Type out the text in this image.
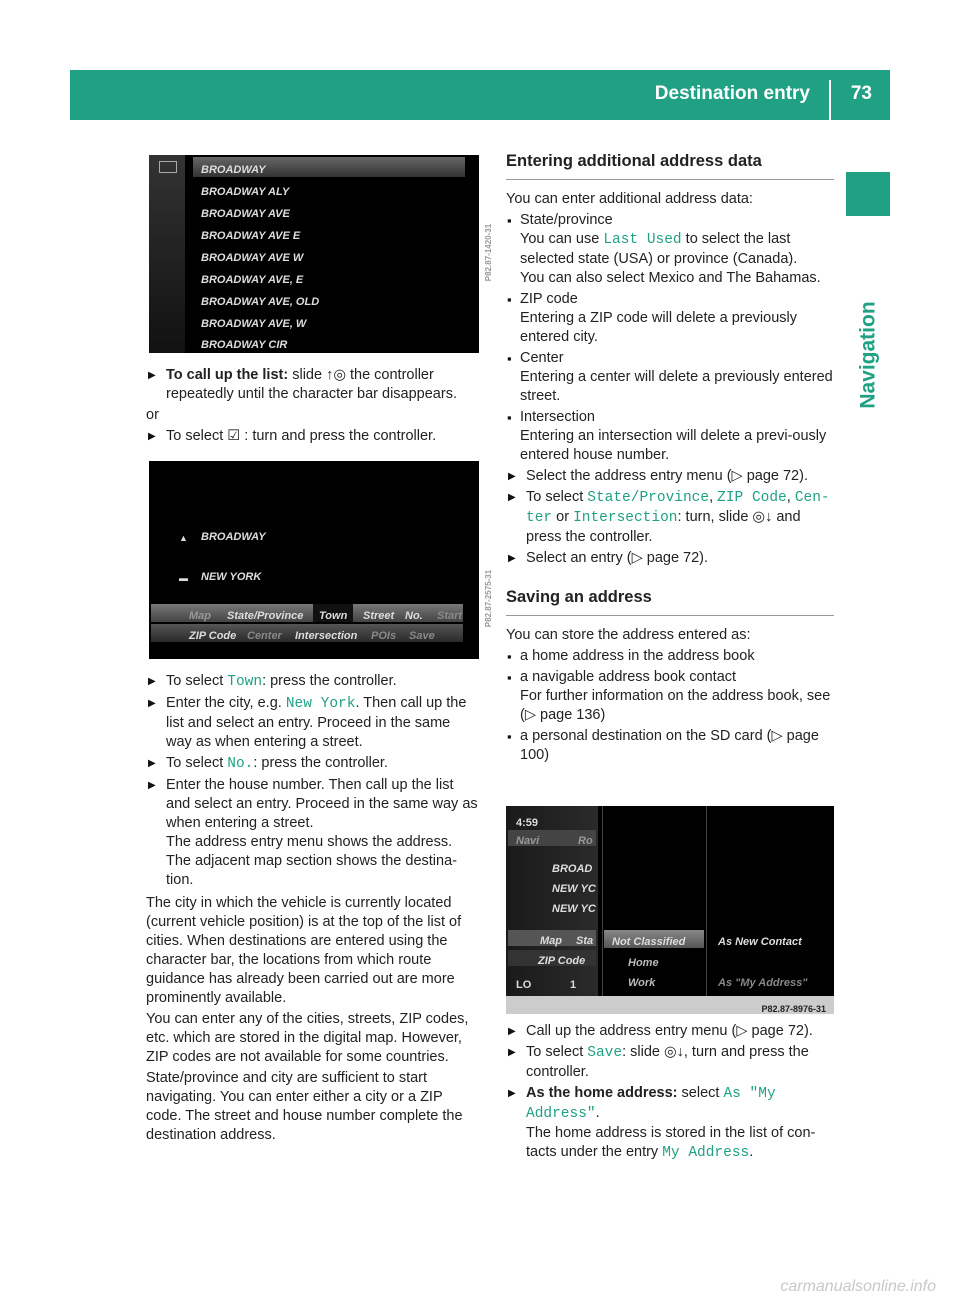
Destination entry 73
Navigation
BROADWAY
BROADWAY ALY
BROADWAY AVE
BROADWAY AVE E
BROADWAY AVE W
BROADWAY AVE, E
BROADWAY AVE, OLD
BROADWAY AVE, W
BROADWAY CIR
P82.87-1420-31

▶ To call up the list: slide ↑◎ the controller repeatedly until the character bar disappears.

or

▶ To select ☑ : turn and press the controller.

▲ BROADWAY
▬ NEW YORK
Map State/Province Town Street No. Start
ZIP Code Center Intersection POIs Save
P82.87-2575-31

▶ To select Town: press the controller.

▶ Enter the city, e.g. New York. Then call up the list and select an entry. Proceed in the same way as when entering a street.

▶ To select No.: press the controller.

▶ Enter the house number. Then call up the list and select an entry. Proceed in the same way as when entering a street.

The address entry menu shows the address.

The adjacent map section shows the destina-tion.

The city in which the vehicle is currently located (current vehicle position) is at the top of the list of cities. When destinations are entered using the character bar, the locations from which route guidance has already been carried out are more prominently available.

You can enter any of the cities, streets, ZIP codes, etc. which are stored in the digital map. However, ZIP codes are not available for some countries.

State/province and city are sufficient to start navigating. You can enter either a city or a ZIP code. The street and house number complete the destination address.

Entering additional address data

You can enter additional address data:

▪ State/province

You can use Last Used to select the last selected state (USA) or province (Canada).

You can also select Mexico and The Bahamas.

▪ ZIP code

Entering a ZIP code will delete a previously entered city.

▪ Center

Entering a center will delete a previously entered street.

▪ Intersection

Entering an intersection will delete a previ-ously entered house number.

▶ Select the address entry menu (▷ page 72).

▶ To select State/Province, ZIP Code, Cen-ter or Intersection: turn, slide ◎↓ and press the controller.

▶ Select an entry (▷ page 72).

Saving an address

You can store the address entered as:

▪ a home address in the address book

▪ a navigable address book contact

For further information on the address book, see (▷ page 136)

▪ a personal destination on the SD card (▷ page 100)

4:59
Navi	Ro
BROAD
NEW YC
NEW YC
Map Sta
ZIP Code
LO	1
Not Classified
Home
Work
As New Contact
As "My Address"
P82.87-8976-31

▶ Call up the address entry menu (▷ page 72).

▶ To select Save: slide ◎↓, turn and press the controller.

▶ As the home address: select As "My Address".

The home address is stored in the list of con-tacts under the entry My Address.

carmanualsonline.info
